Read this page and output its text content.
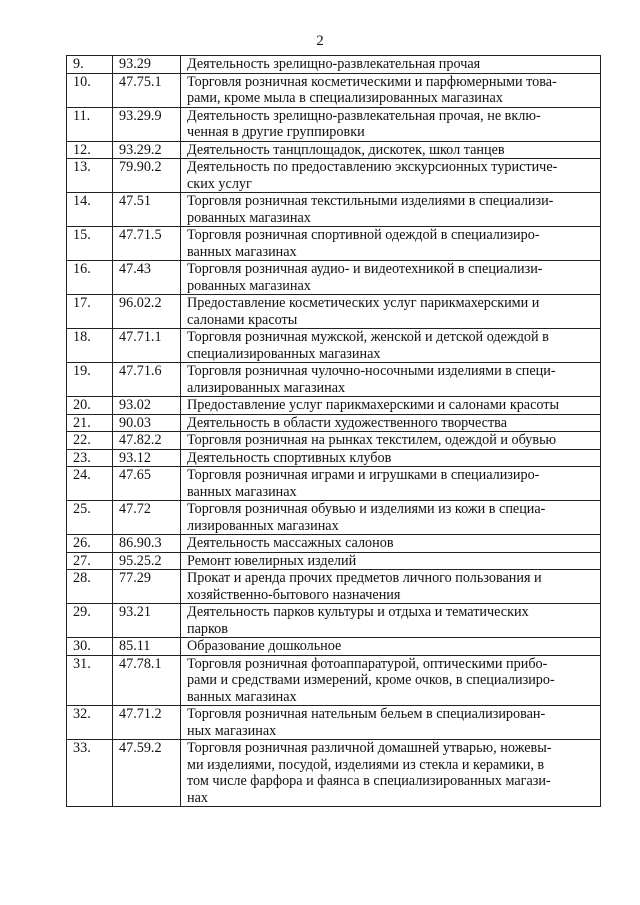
2
9.	93.29	Деятельность зрелищно-развлекательная прочая
10.	47.75.1	Торговля розничная косметическими и парфюмерными това-
рами, кроме мыла в специализированных магазинах
11.	93.29.9	Деятельность зрелищно-развлекательная прочая, не вклю-
ченная в другие группировки
12.	93.29.2	Деятельность танцплощадок, дискотек, школ танцев
13.	79.90.2	Деятельность по предоставлению экскурсионных туристиче-
ских услуг
14.	47.51	Торговля розничная текстильными изделиями в специализи-
рованных магазинах
15.	47.71.5	Торговля розничная спортивной одеждой в специализиро-
ванных магазинах
16.	47.43	Торговля розничная аудио- и видеотехникой в специализи-
рованных магазинах
17.	96.02.2	Предоставление косметических услуг парикмахерскими и
салонами красоты
18.	47.71.1	Торговля розничная мужской, женской и детской одеждой в
специализированных магазинах
19.	47.71.6	Торговля розничная чулочно-носочными изделиями в специ-
ализированных магазинах
20.	93.02	Предоставление услуг парикмахерскими и салонами красоты
21.	90.03	Деятельность в области художественного творчества
22.	47.82.2	Торговля розничная на рынках текстилем, одеждой и обувью
23.	93.12	Деятельность спортивных клубов
24.	47.65	Торговля розничная играми и игрушками в специализиро-
ванных магазинах
25.	47.72	Торговля розничная обувью и изделиями из кожи в специа-
лизированных магазинах
26.	86.90.3	Деятельность массажных салонов
27.	95.25.2	Ремонт ювелирных изделий
28.	77.29	Прокат и аренда прочих предметов личного пользования и
хозяйственно-бытового назначения
29.	93.21	Деятельность парков культуры и отдыха и тематических
парков
30.	85.11	Образование дошкольное
31.	47.78.1	Торговля розничная фотоаппаратурой, оптическими прибо-
рами и средствами измерений, кроме очков, в специализиро-
ванных магазинах
32.	47.71.2	Торговля розничная нательным бельем в специализирован-
ных магазинах
33.	47.59.2	Торговля розничная различной домашней утварью, ножевы-
ми изделиями, посудой, изделиями из стекла и керамики, в
том числе фарфора и фаянса в специализированных магази-
нах
